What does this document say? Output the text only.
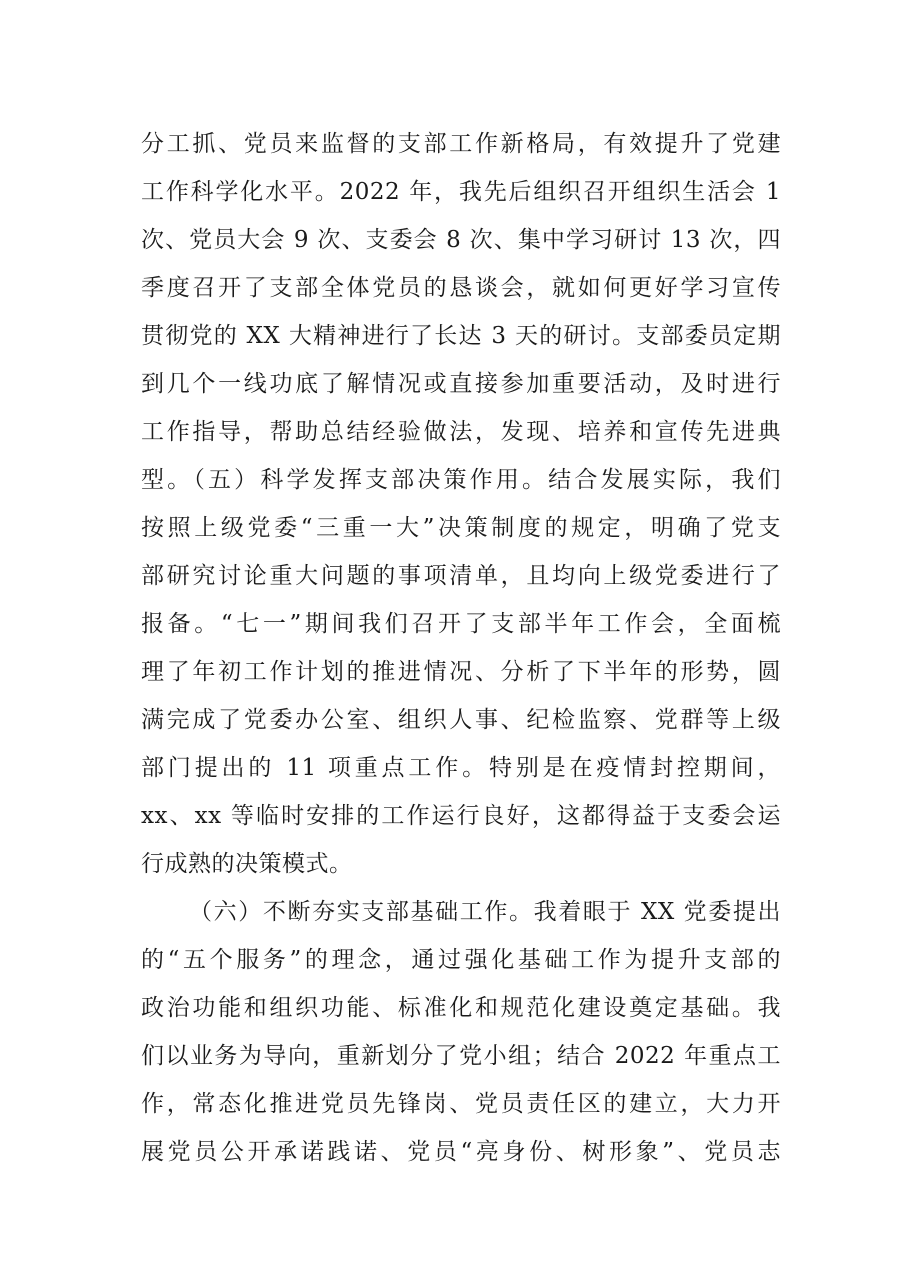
分工抓、党员来监督的支部工作新格局，有效提升了党建
工作科学化水平。2022 年，我先后组织召开组织生活会 1
次、党员大会 9 次、支委会 8 次、集中学习研讨 13 次，四
季度召开了支部全体党员的恳谈会，就如何更好学习宣传
贯彻党的 XX 大精神进行了长达 3 天的研讨。支部委员定期
到几个一线功底了解情况或直接参加重要活动，及时进行
工作指导，帮助总结经验做法，发现、培养和宣传先进典
型。（五）科学发挥支部决策作用。结合发展实际，我们
按照上级党委“三重一大”决策制度的规定，明确了党支
部研究讨论重大问题的事项清单，且均向上级党委进行了
报备。“七一”期间我们召开了支部半年工作会，全面梳
理了年初工作计划的推进情况、分析了下半年的形势，圆
满完成了党委办公室、组织人事、纪检监察、党群等上级
部门提出的 11 项重点工作。特别是在疫情封控期间，
xx、xx 等临时安排的工作运行良好，这都得益于支委会运
行成熟的决策模式。
（六）不断夯实支部基础工作。我着眼于 XX 党委提出
的“五个服务”的理念，通过强化基础工作为提升支部的
政治功能和组织功能、标准化和规范化建设奠定基础。我
们以业务为导向，重新划分了党小组；结合 2022 年重点工
作，常态化推进党员先锋岗、党员责任区的建立，大力开
展党员公开承诺践诺、党员“亮身份、树形象”、党员志
